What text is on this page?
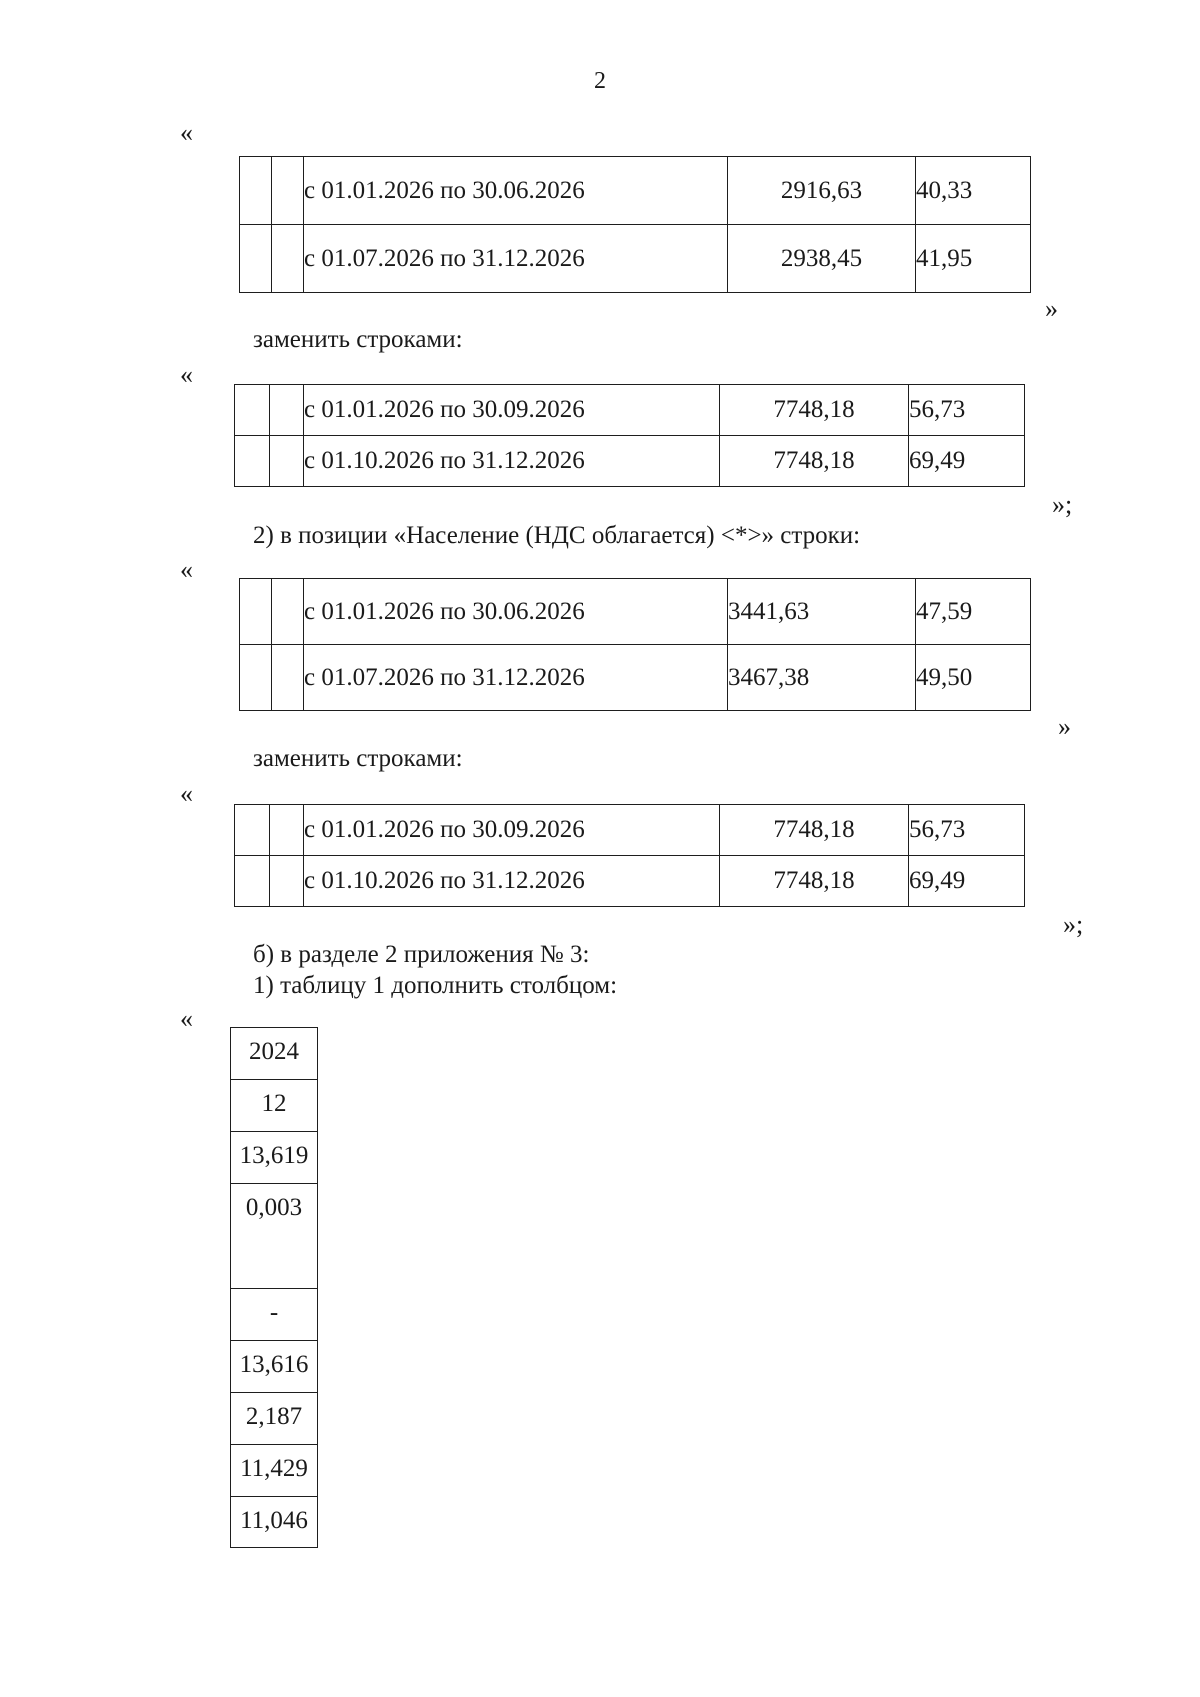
2
«
		с 01.01.2026 по 30.06.2026	2916,63	40,33
		с 01.07.2026 по 31.12.2026	2938,45	41,95
»
заменить строками:
«
		с 01.01.2026 по 30.09.2026	7748,18	56,73
		с 01.10.2026 по 31.12.2026	7748,18	69,49
»;
2) в позиции «Население (НДС облагается) <*>» строки:
«
		с 01.01.2026 по 30.06.2026	3441,63	47,59
		с 01.07.2026 по 31.12.2026	3467,38	49,50
»
заменить строками:
«
		с 01.01.2026 по 30.09.2026	7748,18	56,73
		с 01.10.2026 по 31.12.2026	7748,18	69,49
»;
б) в разделе 2 приложения № 3:
1) таблицу 1 дополнить столбцом:
«
2024
12
13,619
0,003
-
13,616
2,187
11,429
11,046
